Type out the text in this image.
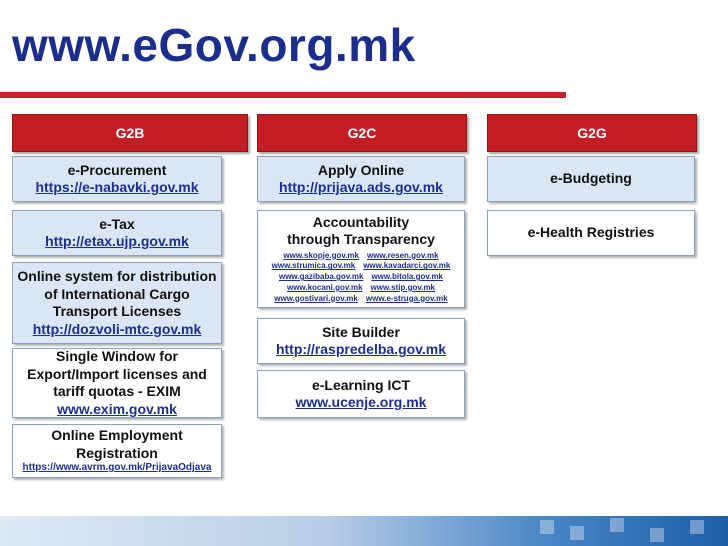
www.eGov.org.mk
G2B	G2C	G2G
e-Procurement
https://e-nabavki.gov.mk
e-Tax
http://etax.ujp.gov.mk
Online system for distribution
of International Cargo
Transport Licenses
http://dozvoli-mtc.gov.mk
Single Window for
Export/Import licenses and
tariff quotas - EXIM
www.exim.gov.mk
Online Employment
Registration
https://www.avrm.gov.mk/PrijavaOdjava
Apply Online
http://prijava.ads.gov.mk
Accountability
through Transparency
www.skopje.gov.mk www.resen.gov.mk
www.strumica.gov.mk www.kavadarci.gov.mk
www.gazibaba.gov.mk www.bitola.gov.mk
www.kocani.gov.mk www.stip.gov.mk
www.gostivari.gov.mk www.e-struga.gov.mk
Site Builder
http://raspredelba.gov.mk
e-Learning ICT
www.ucenje.org.mk
e-Budgeting
e-Health Registries
